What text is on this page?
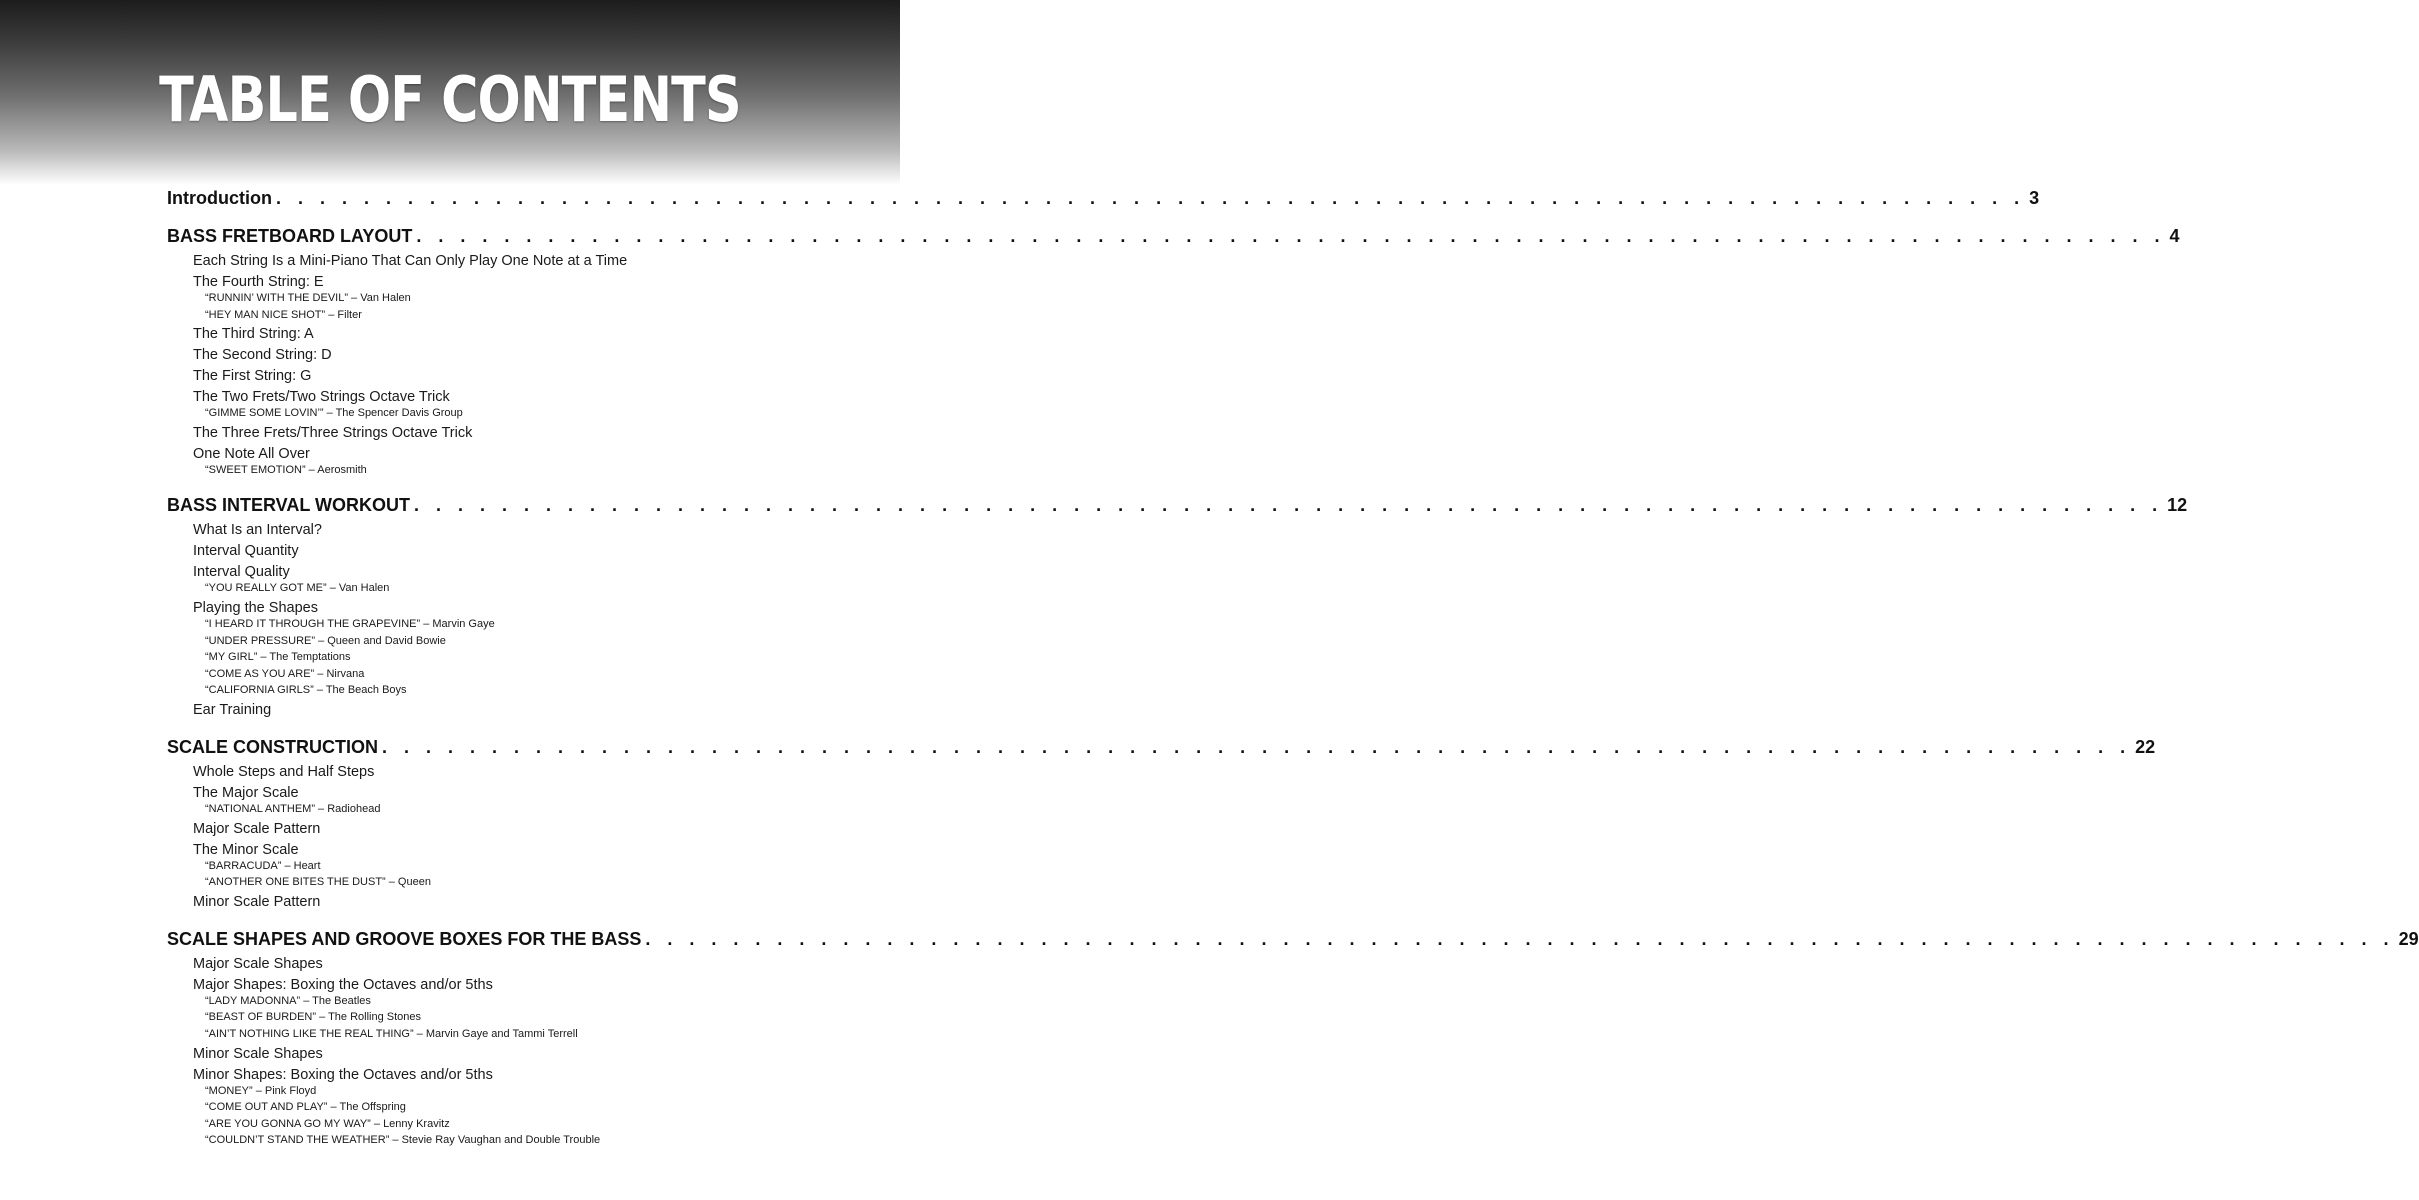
TABLE OF CONTENTS
Introduction . . . . . . . . . . . . . . . . . . . . . . . . . . . . . . . . . . . . . . . . . . . . . . . . . . . . . . . . . . . . . . . . . . . . . . . . . . . . . . . . 3
BASS FRETBOARD LAYOUT . . . . . . . . . . . . . . . . . . . . . . . . . . . . . . . . . . . . . . . . . . . . . . . . . . . . . . . . . . . . . . . . . . . . . . . . . . . . . . . . 4
Each String Is a Mini-Piano That Can Only Play One Note at a Time
The Fourth String: E
“RUNNIN’ WITH THE DEVIL” – Van Halen
“HEY MAN NICE SHOT” – Filter
The Third String: A
The Second String: D
The First String: G
The Two Frets/Two Strings Octave Trick
“GIMME SOME LOVIN’” – The Spencer Davis Group
The Three Frets/Three Strings Octave Trick
One Note All Over
“SWEET EMOTION” – Aerosmith
BASS INTERVAL WORKOUT . . . . . . . . . . . . . . . . . . . . . . . . . . . . . . . . . . . . . . . . . . . . . . . . . . . . . . . . . . . . . . . . . . . . . . . . . . . . . . . . 12
What Is an Interval?
Interval Quantity
Interval Quality
“YOU REALLY GOT ME” – Van Halen
Playing the Shapes
“I HEARD IT THROUGH THE GRAPEVINE” – Marvin Gaye
“UNDER PRESSURE” – Queen and David Bowie
“MY GIRL” – The Temptations
“COME AS YOU ARE” – Nirvana
“CALIFORNIA GIRLS” – The Beach Boys
Ear Training
SCALE CONSTRUCTION . . . . . . . . . . . . . . . . . . . . . . . . . . . . . . . . . . . . . . . . . . . . . . . . . . . . . . . . . . . . . . . . . . . . . . . . . . . . . . . . 22
Whole Steps and Half Steps
The Major Scale
“NATIONAL ANTHEM” – Radiohead
Major Scale Pattern
The Minor Scale
“BARRACUDA” – Heart
“ANOTHER ONE BITES THE DUST” – Queen
Minor Scale Pattern
SCALE SHAPES AND GROOVE BOXES FOR THE BASS . . . . . . . . . . . . . . . . . . . . . . . . . . . . . . . . . . . . . . . . . . . . . . . . . . . . . . . . . . . . . . . . . . . . . . . . . . . . . . . . 29
Major Scale Shapes
Major Shapes: Boxing the Octaves and/or 5ths
“LADY MADONNA” – The Beatles
“BEAST OF BURDEN” – The Rolling Stones
“AIN’T NOTHING LIKE THE REAL THING” – Marvin Gaye and Tammi Terrell
Minor Scale Shapes
Minor Shapes: Boxing the Octaves and/or 5ths
“MONEY” – Pink Floyd
“COME OUT AND PLAY” – The Offspring
“ARE YOU GONNA GO MY WAY” – Lenny Kravitz
“COULDN’T STAND THE WEATHER” – Stevie Ray Vaughan and Double Trouble
